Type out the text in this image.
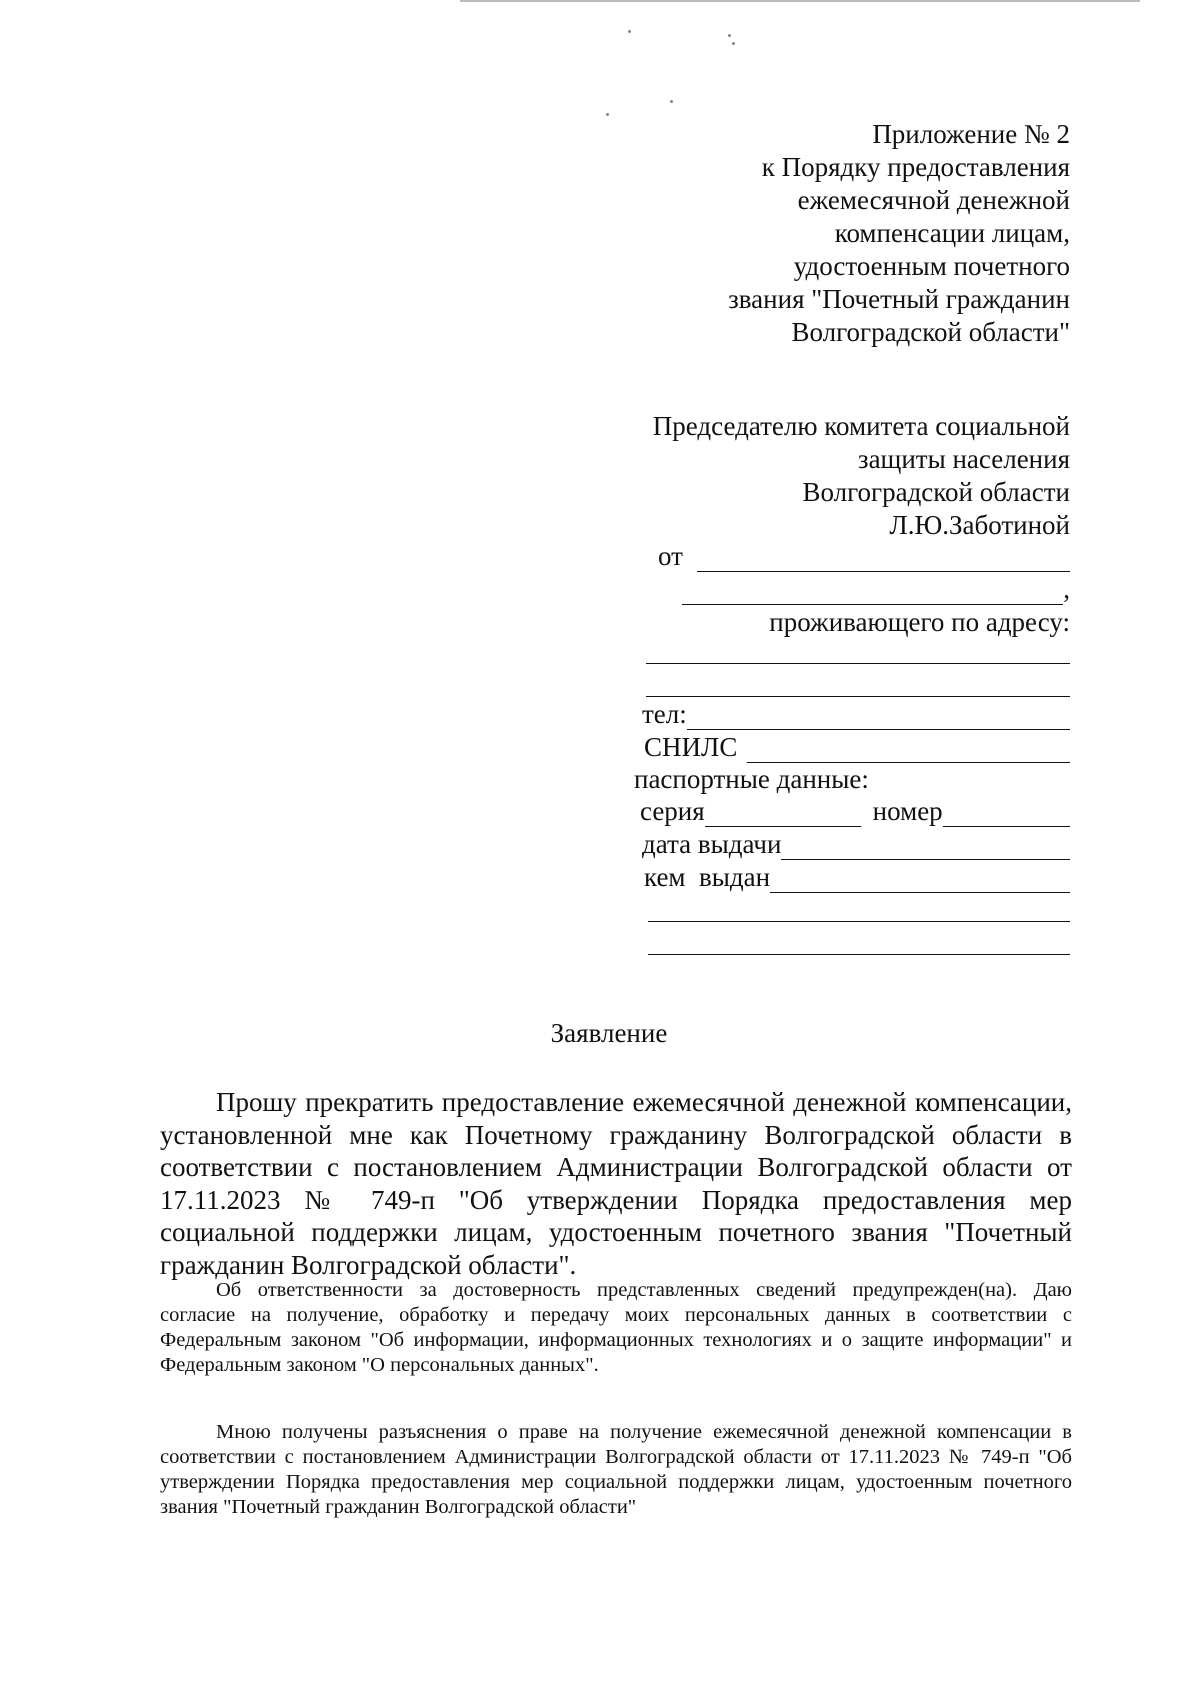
Приложение № 2
к Порядку предоставления
ежемесячной денежной
компенсации лицам,
удостоенным почетного
звания "Почетный гражданин
Волгоградской области"
Председателю комитета социальной
защиты населения
Волгоградской области
Л.Ю.Заботиной
от
,
проживающего по адресу:
тел:
СНИЛС
паспортные данные:
серия	номер
дата выдачи
кем  выдан
Заявление
Прошу прекратить предоставление ежемесячной денежной компенсации, установленной мне как Почетному гражданину Волгоградской области в соответствии с постановлением Администрации Волгоградской области от 17.11.2023 № 749-п "Об утверждении Порядка предоставления мер социальной поддержки лицам, удостоенным почетного звания "Почетный гражданин Волгоградской области".
Об ответственности за достоверность представленных сведений предупрежден(на). Даю согласие на получение, обработку и передачу моих персональных данных в соответствии с Федеральным законом "Об информации, информационных технологиях и о защите информации" и Федеральным законом "О персональных данных".
Мною получены разъяснения о праве на получение ежемесячной денежной компенсации в соответствии с постановлением Администрации Волгоградской области от 17.11.2023 № 749-п "Об утверждении Порядка предоставления мер социальной поддержки лицам, удостоенным почетного звания "Почетный гражданин Волгоградской области"
